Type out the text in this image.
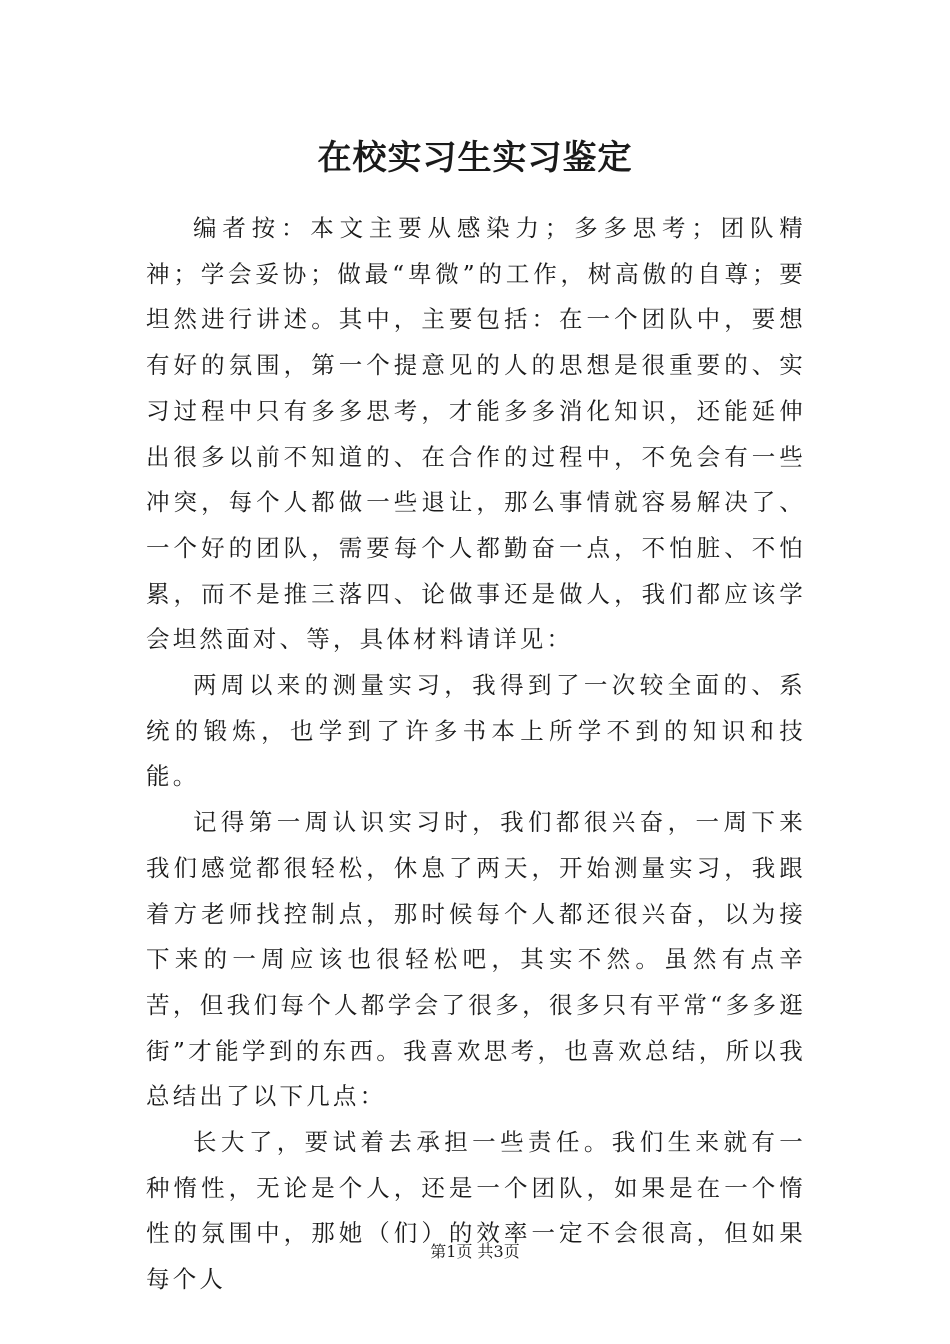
在校实习生实习鉴定

编者按：本文主要从感染力；多多思考；团队精神；学会妥协；做最“卑微”的工作，树高傲的自尊；要坦然进行讲述。其中，主要包括：在一个团队中，要想有好的氛围，第一个提意见的人的思想是很重要的、实习过程中只有多多思考，才能多多消化知识，还能延伸出很多以前不知道的、在合作的过程中，不免会有一些冲突，每个人都做一些退让，那么事情就容易解决了、一个好的团队，需要每个人都勤奋一点，不怕脏、不怕累，而不是推三落四、论做事还是做人，我们都应该学会坦然面对、等，具体材料请详见：

两周以来的测量实习，我得到了一次较全面的、系统的锻炼，也学到了许多书本上所学不到的知识和技能。

记得第一周认识实习时，我们都很兴奋，一周下来我们感觉都很轻松，休息了两天，开始测量实习，我跟着方老师找控制点，那时候每个人都还很兴奋，以为接下来的一周应该也很轻松吧，其实不然。虽然有点辛苦，但我们每个人都学会了很多，很多只有平常“多多逛街”才能学到的东西。我喜欢思考，也喜欢总结，所以我总结出了以下几点：

长大了，要试着去承担一些责任。我们生来就有一种惰性，无论是个人，还是一个团队，如果是在一个惰性的氛围中，那她（们）的效率一定不会很高，但如果每个人

第1页 共3页
